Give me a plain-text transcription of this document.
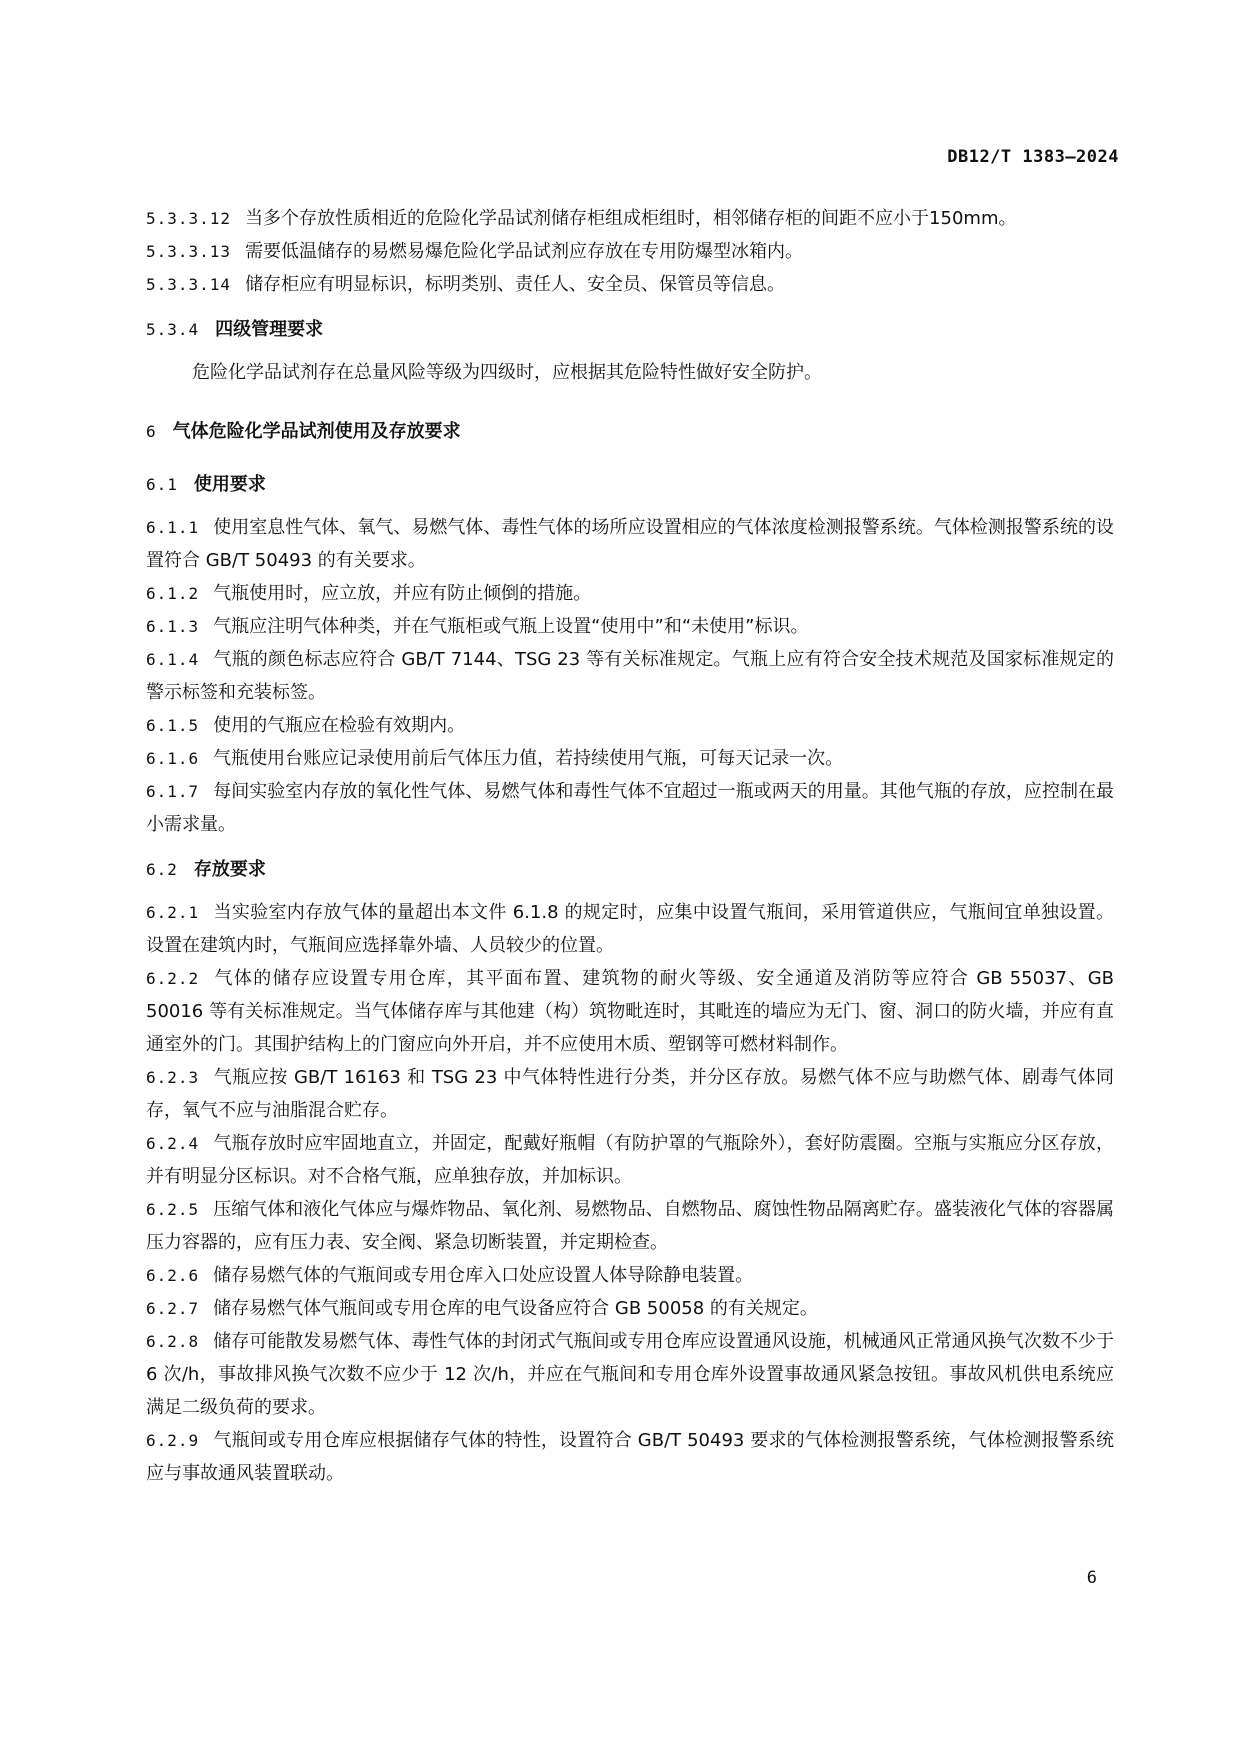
DB12/T 1383—2024

5.3.3.12 当多个存放性质相近的危险化学品试剂储存柜组成柜组时，相邻储存柜的间距不应小于150mm。

5.3.3.13 需要低温储存的易燃易爆危险化学品试剂应存放在专用防爆型冰箱内。

5.3.3.14 储存柜应有明显标识，标明类别、责任人、安全员、保管员等信息。

5.3.4 四级管理要求

危险化学品试剂存在总量风险等级为四级时，应根据其危险特性做好安全防护。

6 气体危险化学品试剂使用及存放要求

6.1 使用要求

6.1.1 使用室息性气体、氧气、易燃气体、毒性气体的场所应设置相应的气体浓度检测报警系统。气体检测报警系统的设置符合 GB/T 50493 的有关要求。

6.1.2 气瓶使用时，应立放，并应有防止倾倒的措施。

6.1.3 气瓶应注明气体种类，并在气瓶柜或气瓶上设置“使用中”和“未使用”标识。

6.1.4 气瓶的颜色标志应符合 GB/T 7144、TSG 23 等有关标准规定。气瓶上应有符合安全技术规范及国家标准规定的警示标签和充装标签。

6.1.5 使用的气瓶应在检验有效期内。

6.1.6 气瓶使用台账应记录使用前后气体压力值，若持续使用气瓶，可每天记录一次。

6.1.7 每间实验室内存放的氧化性气体、易燃气体和毒性气体不宜超过一瓶或两天的用量。其他气瓶的存放，应控制在最小需求量。

6.2 存放要求

6.2.1 当实验室内存放气体的量超出本文件 6.1.8 的规定时，应集中设置气瓶间，采用管道供应，气瓶间宜单独设置。设置在建筑内时，气瓶间应选择靠外墙、人员较少的位置。

6.2.2 气体的储存应设置专用仓库，其平面布置、建筑物的耐火等级、安全通道及消防等应符合 GB 55037、GB 50016 等有关标准规定。当气体储存库与其他建（构）筑物毗连时，其毗连的墙应为无门、窗、洞口的防火墙，并应有直通室外的门。其围护结构上的门窗应向外开启，并不应使用木质、塑钢等可燃材料制作。

6.2.3 气瓶应按 GB/T 16163 和 TSG 23 中气体特性进行分类，并分区存放。易燃气体不应与助燃气体、剧毒气体同存，氧气不应与油脂混合贮存。

6.2.4 气瓶存放时应牢固地直立，并固定，配戴好瓶帽（有防护罩的气瓶除外），套好防震圈。空瓶与实瓶应分区存放，并有明显分区标识。对不合格气瓶，应单独存放，并加标识。

6.2.5 压缩气体和液化气体应与爆炸物品、氧化剂、易燃物品、自燃物品、腐蚀性物品隔离贮存。盛装液化气体的容器属压力容器的，应有压力表、安全阀、紧急切断装置，并定期检查。

6.2.6 储存易燃气体的气瓶间或专用仓库入口处应设置人体导除静电装置。

6.2.7 储存易燃气体气瓶间或专用仓库的电气设备应符合 GB 50058 的有关规定。

6.2.8 储存可能散发易燃气体、毒性气体的封闭式气瓶间或专用仓库应设置通风设施，机械通风正常通风换气次数不少于 6 次/h，事故排风换气次数不应少于 12 次/h，并应在气瓶间和专用仓库外设置事故通风紧急按钮。事故风机供电系统应满足二级负荷的要求。

6.2.9 气瓶间或专用仓库应根据储存气体的特性，设置符合 GB/T 50493 要求的气体检测报警系统，气体检测报警系统应与事故通风装置联动。

6
